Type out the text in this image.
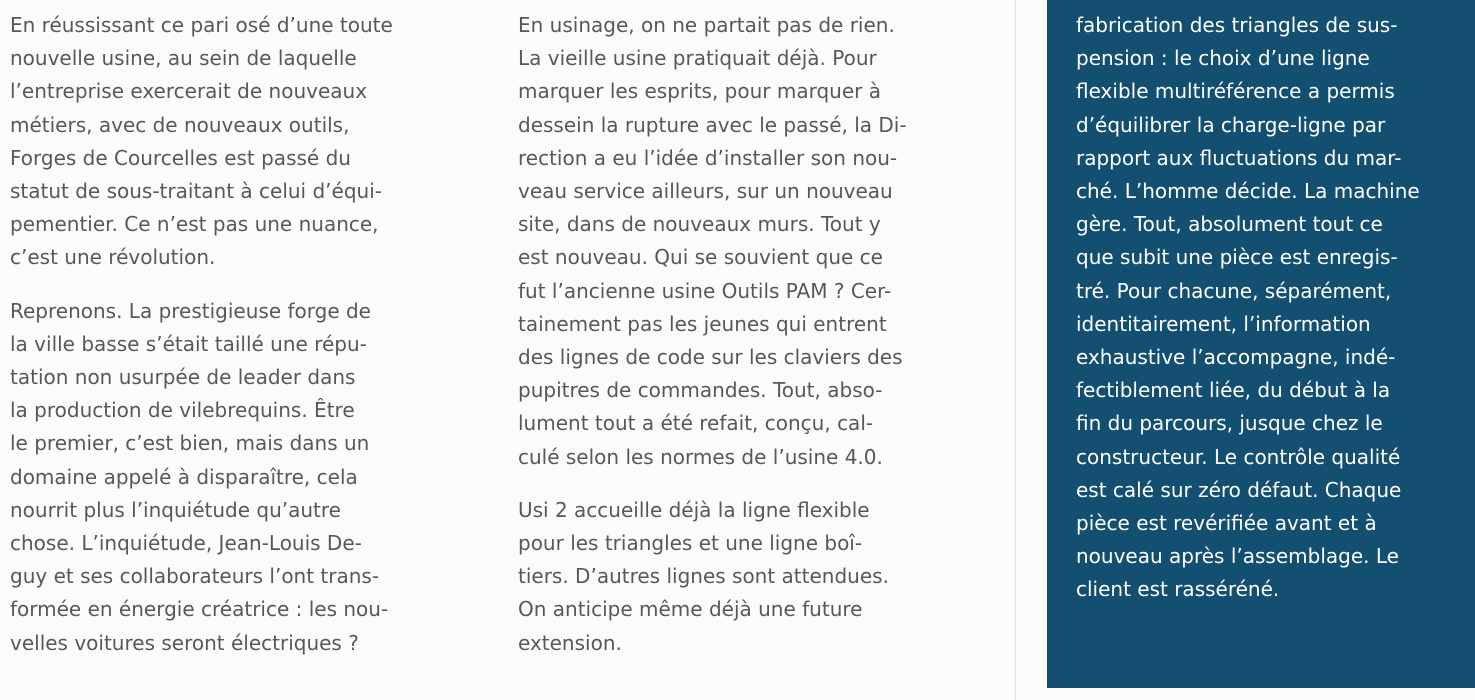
En réussissant ce pari osé d’une toute
nouvelle usine, au sein de laquelle
l’entreprise exercerait de nouveaux
métiers, avec de nouveaux outils,
Forges de Courcelles est passé du
statut de sous-traitant à celui d’équi-
pementier. Ce n’est pas une nuance,
c’est une révolution.

Reprenons. La prestigieuse forge de
la ville basse s’était taillé une répu-
tation non usurpée de leader dans
la production de vilebrequins. Être
le premier, c’est bien, mais dans un
domaine appelé à disparaître, cela
nourrit plus l’inquiétude qu’autre
chose. L’inquiétude, Jean-Louis De-
guy et ses collaborateurs l’ont trans-
formée en énergie créatrice : les nou-
velles voitures seront électriques ?

En usinage, on ne partait pas de rien.
La vieille usine pratiquait déjà. Pour
marquer les esprits, pour marquer à
dessein la rupture avec le passé, la Di-
rection a eu l’idée d’installer son nou-
veau service ailleurs, sur un nouveau
site, dans de nouveaux murs. Tout y
est nouveau. Qui se souvient que ce
fut l’ancienne usine Outils PAM ? Cer-
tainement pas les jeunes qui entrent
des lignes de code sur les claviers des
pupitres de commandes. Tout, abso-
lument tout a été refait, conçu, cal-
culé selon les normes de l’usine 4.0.

Usi 2 accueille déjà la ligne flexible
pour les triangles et une ligne boî-
tiers. D’autres lignes sont attendues.
On anticipe même déjà une future
extension.

fabrication des triangles de sus-
pension : le choix d’une ligne
flexible multiréférence a permis
d’équilibrer la charge-ligne par
rapport aux fluctuations du mar-
ché. L’homme décide. La machine
gère. Tout, absolument tout ce
que subit une pièce est enregis-
tré. Pour chacune, séparément,
identitairement, l’information
exhaustive l’accompagne, indé-
fectiblement liée, du début à la
fin du parcours, jusque chez le
constructeur. Le contrôle qualité
est calé sur zéro défaut. Chaque
pièce est revérifiée avant et à
nouveau après l’assemblage. Le
client est rasséréné.
